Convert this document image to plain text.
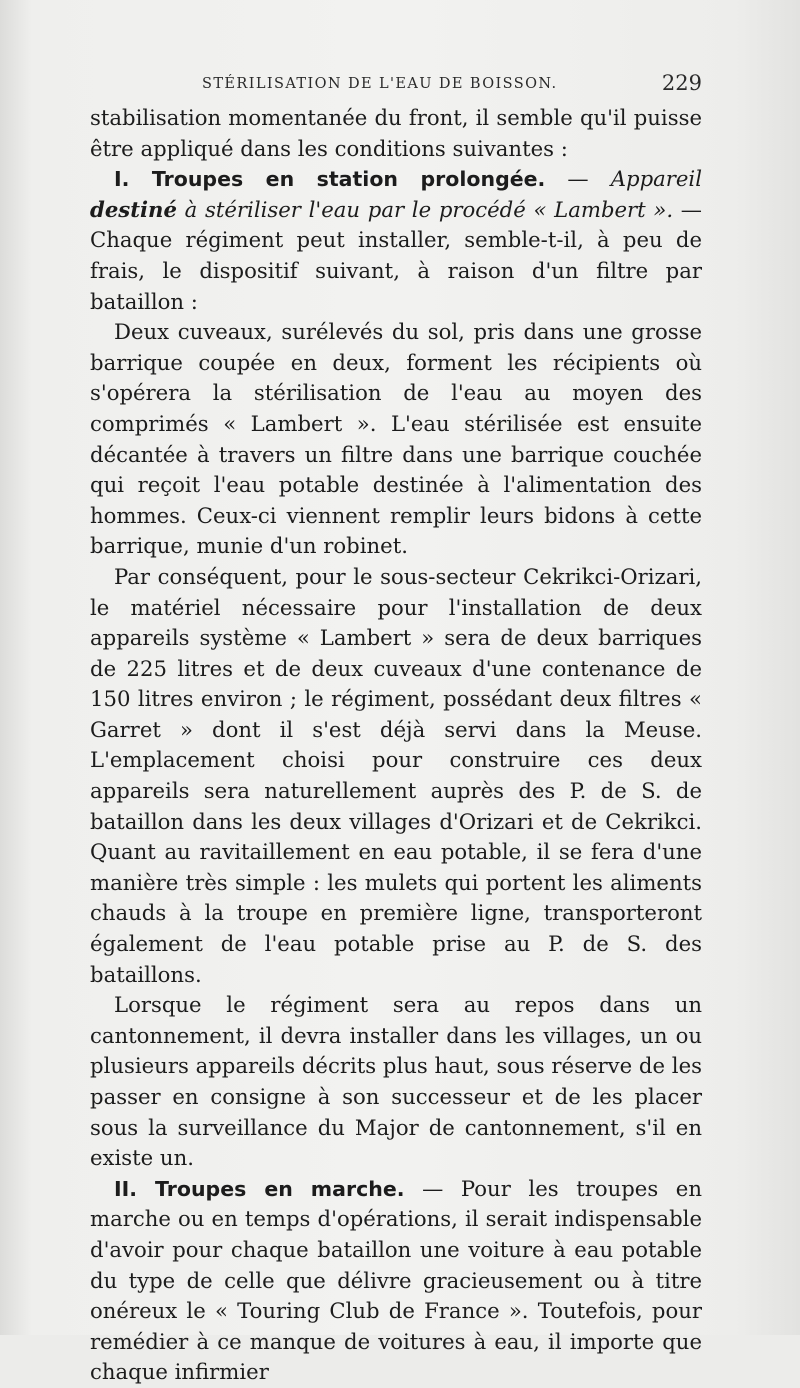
STÉRILISATION DE L'EAU DE BOISSON.	229

stabilisation momentanée du front, il semble qu'il puisse être appliqué dans les conditions suivantes :

I. Troupes en station prolongée. — Appareil destiné à stériliser l'eau par le procédé « Lambert ». — Chaque régiment peut installer, semble-t-il, à peu de frais, le dispositif suivant, à raison d'un filtre par bataillon :

Deux cuveaux, surélevés du sol, pris dans une grosse barrique coupée en deux, forment les récipients où s'opérera la stérilisation de l'eau au moyen des comprimés « Lambert ». L'eau stérilisée est ensuite décantée à travers un filtre dans une barrique couchée qui reçoit l'eau potable destinée à l'alimentation des hommes. Ceux-ci viennent remplir leurs bidons à cette barrique, munie d'un robinet.

Par conséquent, pour le sous-secteur Cekrikci-Orizari, le matériel nécessaire pour l'installation de deux appareils système « Lambert » sera de deux barriques de 225 litres et de deux cuveaux d'une contenance de 150 litres environ ; le régiment, possédant deux filtres « Garret » dont il s'est déjà servi dans la Meuse. L'emplacement choisi pour construire ces deux appareils sera naturellement auprès des P. de S. de bataillon dans les deux villages d'Orizari et de Cekrikci. Quant au ravitaillement en eau potable, il se fera d'une manière très simple : les mulets qui portent les aliments chauds à la troupe en première ligne, transporteront également de l'eau potable prise au P. de S. des bataillons.

Lorsque le régiment sera au repos dans un cantonnement, il devra installer dans les villages, un ou plusieurs appareils décrits plus haut, sous réserve de les passer en consigne à son successeur et de les placer sous la surveillance du Major de cantonnement, s'il en existe un.

II. Troupes en marche. — Pour les troupes en marche ou en temps d'opérations, il serait indispensable d'avoir pour chaque bataillon une voiture à eau potable du type de celle que délivre gracieusement ou à titre onéreux le « Touring Club de France ». Toutefois, pour remédier à ce manque de voitures à eau, il importe que chaque infirmier
